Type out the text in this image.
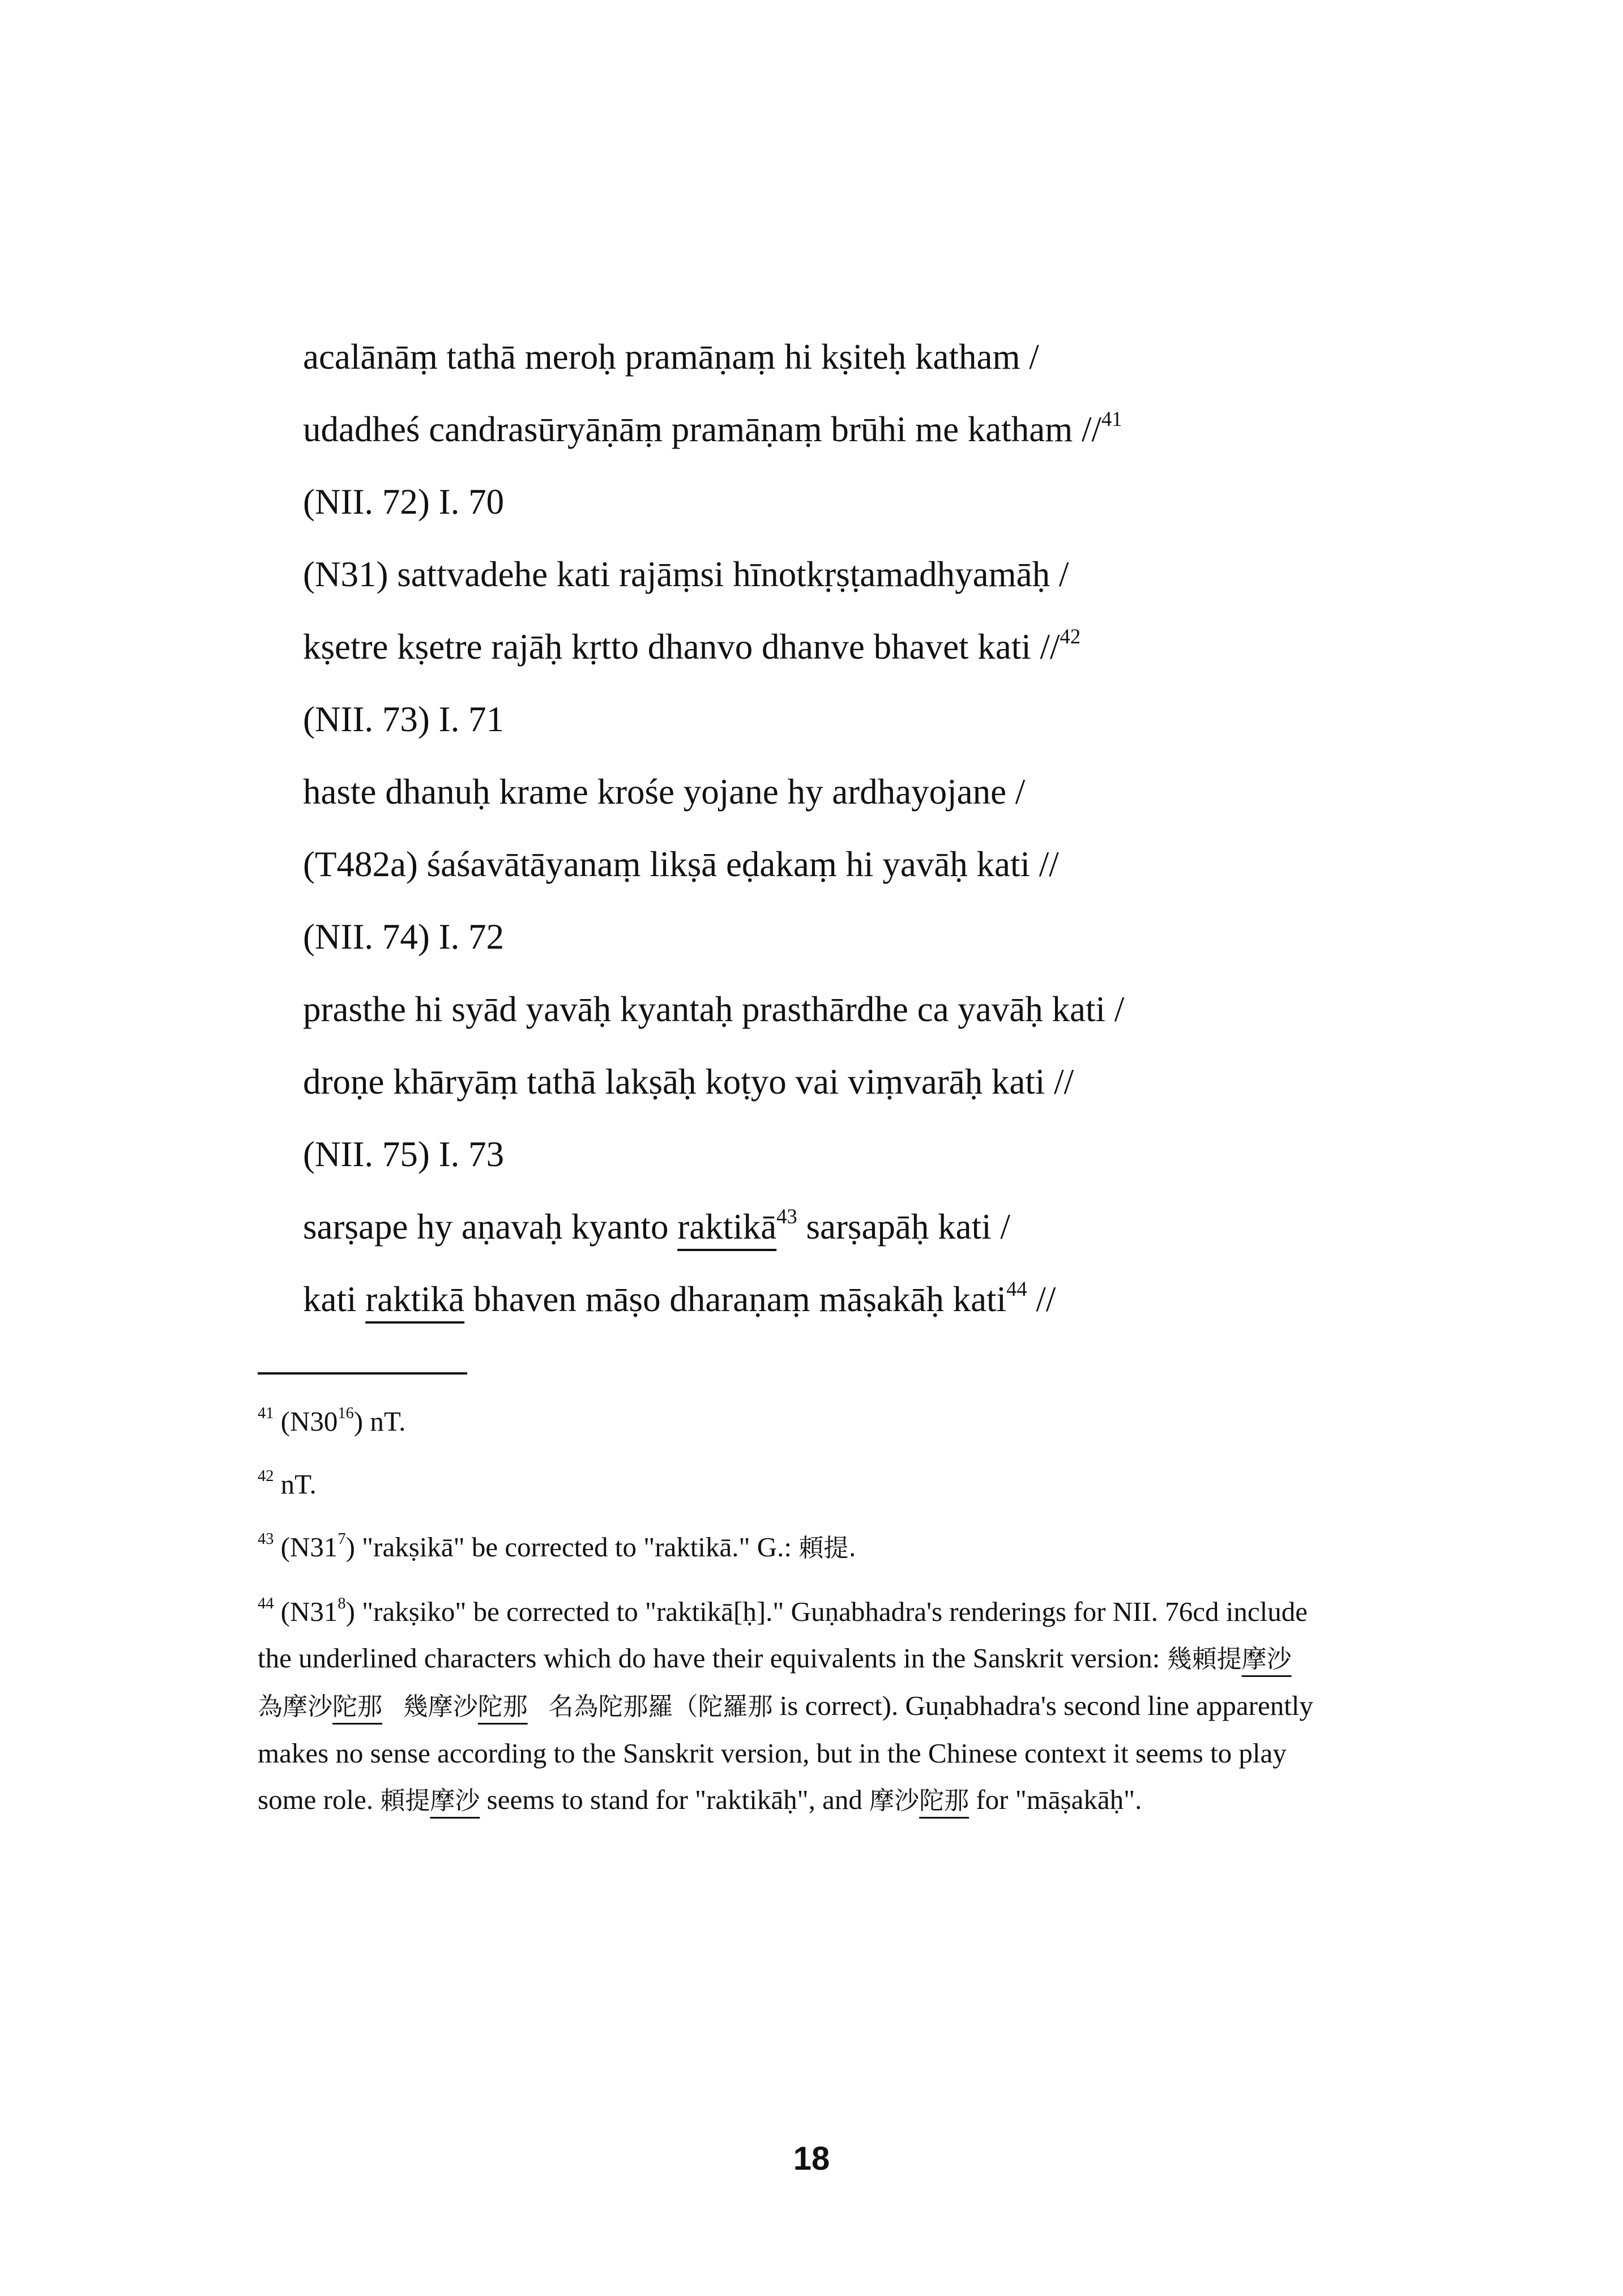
acalānāṃ tathā meroḥ pramāṇaṃ hi kṣiteḥ katham /
udadheś candrasūryāṇāṃ pramāṇaṃ brūhi me katham //$^{41}$
(NII. 72) I. 70
(N31) sattvadehe kati rajāṃsi hīnotkṛṣṭamadhyamāḥ /
kṣetre kṣetre rajāḥ kṛtto dhanvo dhanve bhavet kati //$^{42}$
(NII. 73) I. 71
haste dhanuḥ krame krośe yojane hy ardhayojane /
(T482a) śaśavātāyanaṃ likṣā eḍakaṃ hi yavāḥ kati //
(NII. 74) I. 72
prasthe hi syād yavāḥ kyantaḥ prasthārdhe ca yavāḥ kati /
droṇe khāryāṃ tathā lakṣāḥ koṭyo vai viṃvarāḥ kati //
(NII. 75) I. 73
sarṣape hy aṇavaḥ kyanto raktikā$^{43}$ sarṣapāḥ kati /
kati raktikā bhaven māṣo dharaṇaṃ māṣakāḥ kati$^{44}$ //
$^{41}$ $(N30^{16})$ nT.
$^{42}$ nT.
$^{43}$ $(N31^7)$ "rakṣikā" be corrected to "raktikā." G.: 頼提.
$^{44}$ $(N31^8)$ "rakṣiko" be corrected to "raktikā[ḥ]." Guṇabhadra's renderings for NII. 76cd include the underlined characters which do have their equivalents in the Sanskrit version: 幾頼提摩沙   為摩沙陀那 幾摩沙陀那 名為陀那羅（陀羅那 is correct). Guṇabhadra's second line apparently makes no sense according to the Sanskrit version, but in the Chinese context it seems to play some role. 頼提摩沙 seems to stand for "raktikāḥ", and 摩沙陀那 for "māṣakāḥ".
18
